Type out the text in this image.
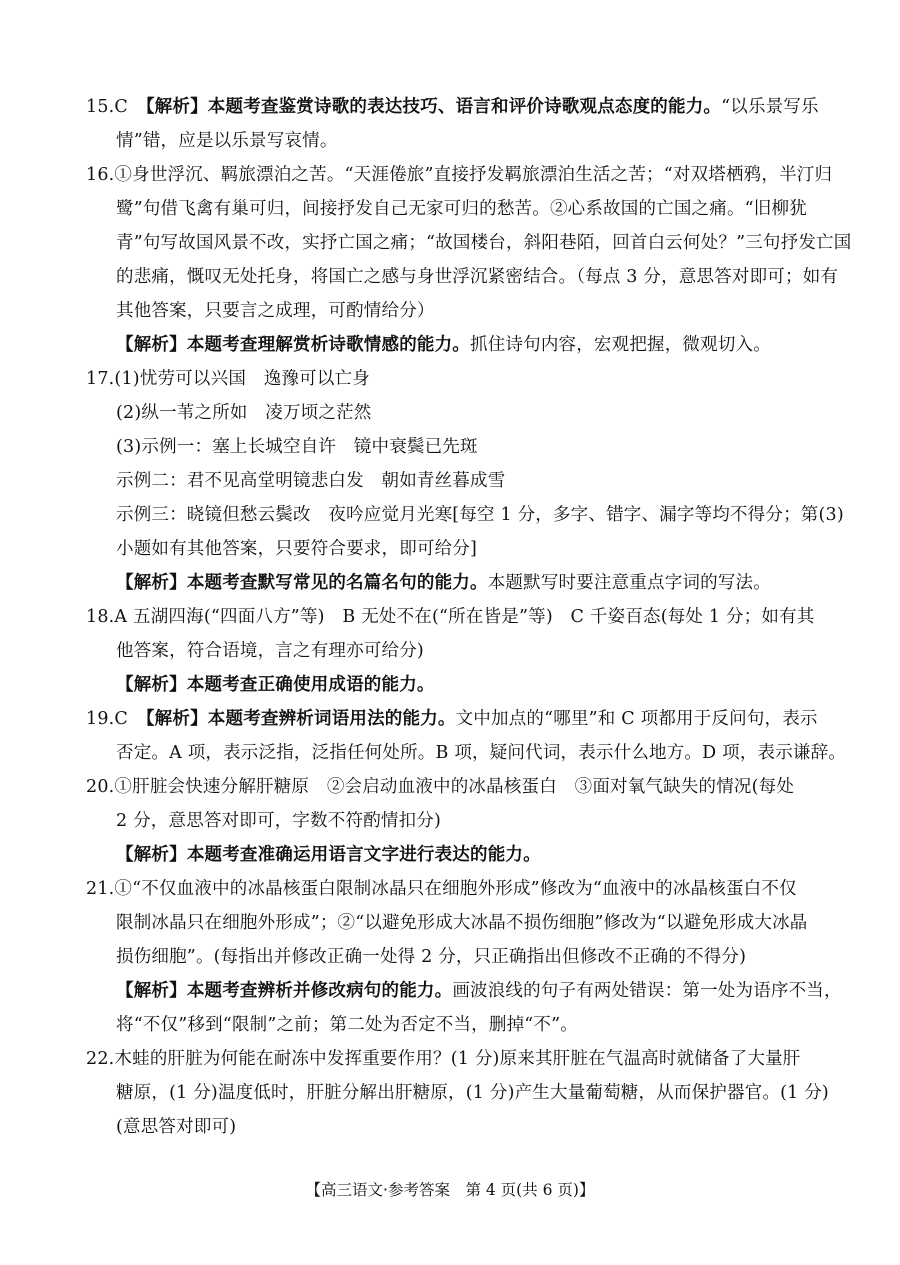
15.C　【解析】本题考查鉴赏诗歌的表达技巧、语言和评价诗歌观点态度的能力。“以乐景写乐
情”错，应是以乐景写哀情。
16.①身世浮沉、羁旅漂泊之苦。“天涯倦旅”直接抒发羁旅漂泊生活之苦；“对双塔栖鸦，半汀归
鹭”句借飞禽有巢可归，间接抒发自己无家可归的愁苦。②心系故国的亡国之痛。“旧柳犹
青”句写故国风景不改，实抒亡国之痛；“故国楼台，斜阳巷陌，回首白云何处？”三句抒发亡国
的悲痛，慨叹无处托身，将国亡之感与身世浮沉紧密结合。（每点 3 分，意思答对即可；如有
其他答案，只要言之成理，可酌情给分）
【解析】本题考查理解赏析诗歌情感的能力。抓住诗句内容，宏观把握，微观切入。
17.(1)忧劳可以兴国　逸豫可以亡身
(2)纵一苇之所如　凌万顷之茫然
(3)示例一：塞上长城空自许　镜中衰鬓已先斑
示例二：君不见高堂明镜悲白发　朝如青丝暮成雪
示例三：晓镜但愁云鬓改　夜吟应觉月光寒[每空 1 分，多字、错字、漏字等均不得分；第(3)
小题如有其他答案，只要符合要求，即可给分]
【解析】本题考查默写常见的名篇名句的能力。本题默写时要注意重点字词的写法。
18.A 五湖四海(“四面八方”等)　B 无处不在(“所在皆是”等)　C 千姿百态(每处 1 分；如有其
他答案，符合语境，言之有理亦可给分)
【解析】本题考查正确使用成语的能力。
19.C　【解析】本题考查辨析词语用法的能力。文中加点的“哪里”和 C 项都用于反问句，表示
否定。A 项，表示泛指，泛指任何处所。B 项，疑问代词，表示什么地方。D 项，表示谦辞。
20.①肝脏会快速分解肝糖原　②会启动血液中的冰晶核蛋白　③面对氧气缺失的情况(每处
2 分，意思答对即可，字数不符酌情扣分)
【解析】本题考查准确运用语言文字进行表达的能力。
21.①“不仅血液中的冰晶核蛋白限制冰晶只在细胞外形成”修改为“血液中的冰晶核蛋白不仅
限制冰晶只在细胞外形成”；②“以避免形成大冰晶不损伤细胞”修改为“以避免形成大冰晶
损伤细胞”。(每指出并修改正确一处得 2 分，只正确指出但修改不正确的不得分)
【解析】本题考查辨析并修改病句的能力。画波浪线的句子有两处错误：第一处为语序不当，
将“不仅”移到“限制”之前；第二处为否定不当，删掉“不”。
22.木蛙的肝脏为何能在耐冻中发挥重要作用？(1 分)原来其肝脏在气温高时就储备了大量肝
糖原，(1 分)温度低时，肝脏分解出肝糖原，(1 分)产生大量葡萄糖，从而保护器官。(1 分)
(意思答对即可)
【高三语文·参考答案　第 4 页(共 6 页)】
